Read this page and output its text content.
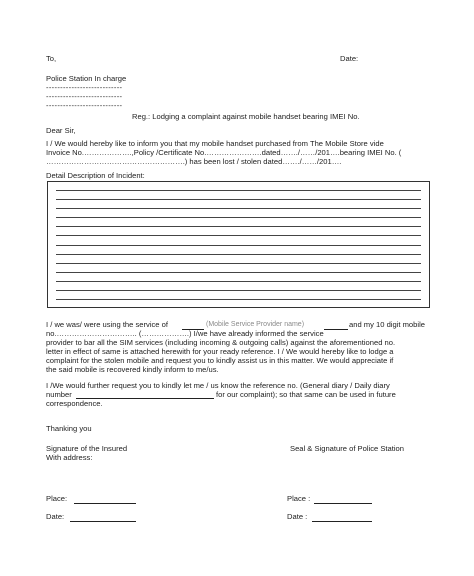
To,	Date:
Police Station In charge
---------------------------
---------------------------
---------------------------
Reg.: Lodging a complaint against mobile handset bearing IMEI No.
Dear Sir,
I / We would hereby like to inform you that my mobile handset purchased from The Mobile Store vide
Invoice No.……………….,Policy /Certificate No.………………….dated……./……/201….bearing IMEI No. (
……………………………………………….) has been lost / stolen dated……./……/201….
Detail Description of Incident:
I / we was/ were using the service of	(Mobile Service Provider name)	and my 10 digit mobile
no.………………………….. (……………….) I/we have already informed the service
provider to bar all the SIM services (including incoming & outgoing calls) against the aforementioned no.
letter in effect of same is attached herewith for your ready reference. I / We would hereby like to lodge a
complaint for the stolen mobile and request you to kindly assist us in this matter. We would appreciate if
the said mobile is recovered kindly inform to me/us.
I /We would further request you to kindly let me / us know the reference no. (General diary / Daily diary
number	for our complaint); so that same can be used in future
correspondence.
Thanking you
Signature of the Insured
With address:
Seal & Signature of Police Station
Place:	Place :
Date:	Date :
